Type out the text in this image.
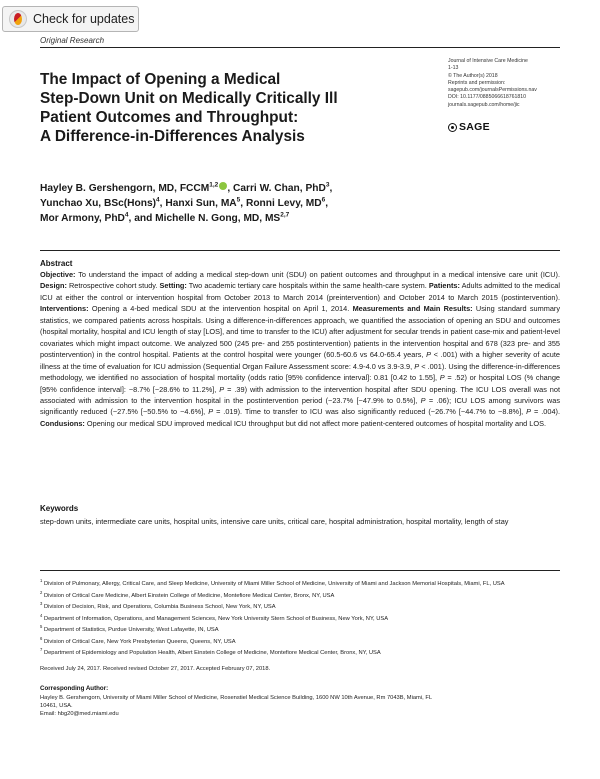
Check for updates
Original Research
Journal of Intensive Care Medicine
1-13
© The Author(s) 2018
Reprints and permission:
sagepub.com/journalsPermissions.nav
DOI: 10.1177/0885066618761810
journals.sagepub.com/home/jic
SAGE
The Impact of Opening a Medical
Step-Down Unit on Medically Critically Ill
Patient Outcomes and Throughput:
A Difference-in-Differences Analysis

Hayley B. Gershengorn, MD, FCCM$^{1,2}$ , Carri W. Chan, PhD$^3$,
Yunchao Xu, BSc(Hons)$^4$, Hanxi Sun, $MA^5$, Ronni Levy, $MD^6$,
Mor Armony, PhD$^4$, and Michelle N. Gong, MD, MS$^{2,7}$

Abstract

Objective: To understand the impact of adding a medical step-down unit (SDU) on patient outcomes and throughput in a medical intensive care unit (ICU). Design: Retrospective cohort study. Setting: Two academic tertiary care hospitals within the same health-care system. Patients: Adults admitted to the medical ICU at either the control or intervention hospital from October 2013 to March 2014 (preintervention) and October 2014 to March 2015 (postintervention). Interventions: Opening a 4-bed medical SDU at the intervention hospital on April 1, 2014. Measurements and Main Results: Using standard summary statistics, we compared patients across hospitals. Using a difference-in-differences approach, we quantified the association of opening an SDU and outcomes (hospital mortality, hospital and ICU length of stay [LOS], and time to transfer to the ICU) after adjustment for secular trends in patient case-mix and patient-level covariates which might impact outcome. We analyzed 500 (245 pre- and 255 postintervention) patients in the intervention hospital and 678 (323 pre- and 355 postintervention) in the control hospital. Patients at the control hospital were younger (60.5-60.6 vs 64.0-65.4 years, P < .001) with a higher severity of acute illness at the time of evaluation for ICU admission (Sequential Organ Failure Assessment score: 4.9-4.0 vs 3.9-3.9, P < .001). Using the difference-in-differences methodology, we identified no association of hospital mortality (odds ratio [95% confidence interval]: 0.81 [0.42 to 1.55], P = .52) or hospital LOS (% change [95% confidence interval]: −8.7% [−28.6% to 11.2%], P = .39) with admission to the intervention hospital after SDU opening. The ICU LOS overall was not associated with admission to the intervention hospital in the postintervention period (−23.7% [−47.9% to 0.5%], P = .06); ICU LOS among survivors was significantly reduced (−27.5% [−50.5% to −4.6%], P = .019). Time to transfer to ICU was also significantly reduced (−26.7% [−44.7% to −8.8%], P = .004). Condusions: Opening our medical SDU improved medical ICU throughput but did not affect more patient-centered outcomes of hospital mortality and LOS.

Keywords

step-down units, intermediate care units, hospital units, intensive care units, critical care, hospital administration, hospital mortality, length of stay

$^1$ Division of Pulmonary, Allergy, Critical Care, and Sleep Medicine, University of Miami Miller School of Medicine, University of Miami and Jackson Memorial Hospitals, Miami, FL, USA
$^2$ Division of Critical Care Medicine, Albert Einstein College of Medicine, Montefiore Medical Center, Bronx, NY, USA
$^3$ Division of Decision, Risk, and Operations, Columbia Business School, New York, NY, USA
$^4$ Department of Information, Operations, and Management Sciences, New York University Stern School of Business, New York, NY, USA
$^5$ Department of Statistics, Purdue University, West Lafayette, IN, USA
$^6$ Division of Critical Care, New York Presbyterian Queens, Queens, NY, USA
$^7$ Department of Epidemiology and Population Health, Albert Einstein College of Medicine, Montefiore Medical Center, Bronx, NY, USA
Received July 24, 2017. Received revised October 27, 2017. Accepted February 07, 2018.
Corresponding Author:

Hayley B. Gershengorn, University of Miami Miller School of Medicine, Rosenstiel Medical Science Building, 1600 NW 10th Avenue, Rm 7043B, Miami, FL
10461, USA.
Email: hbg20@med.miami.edu
